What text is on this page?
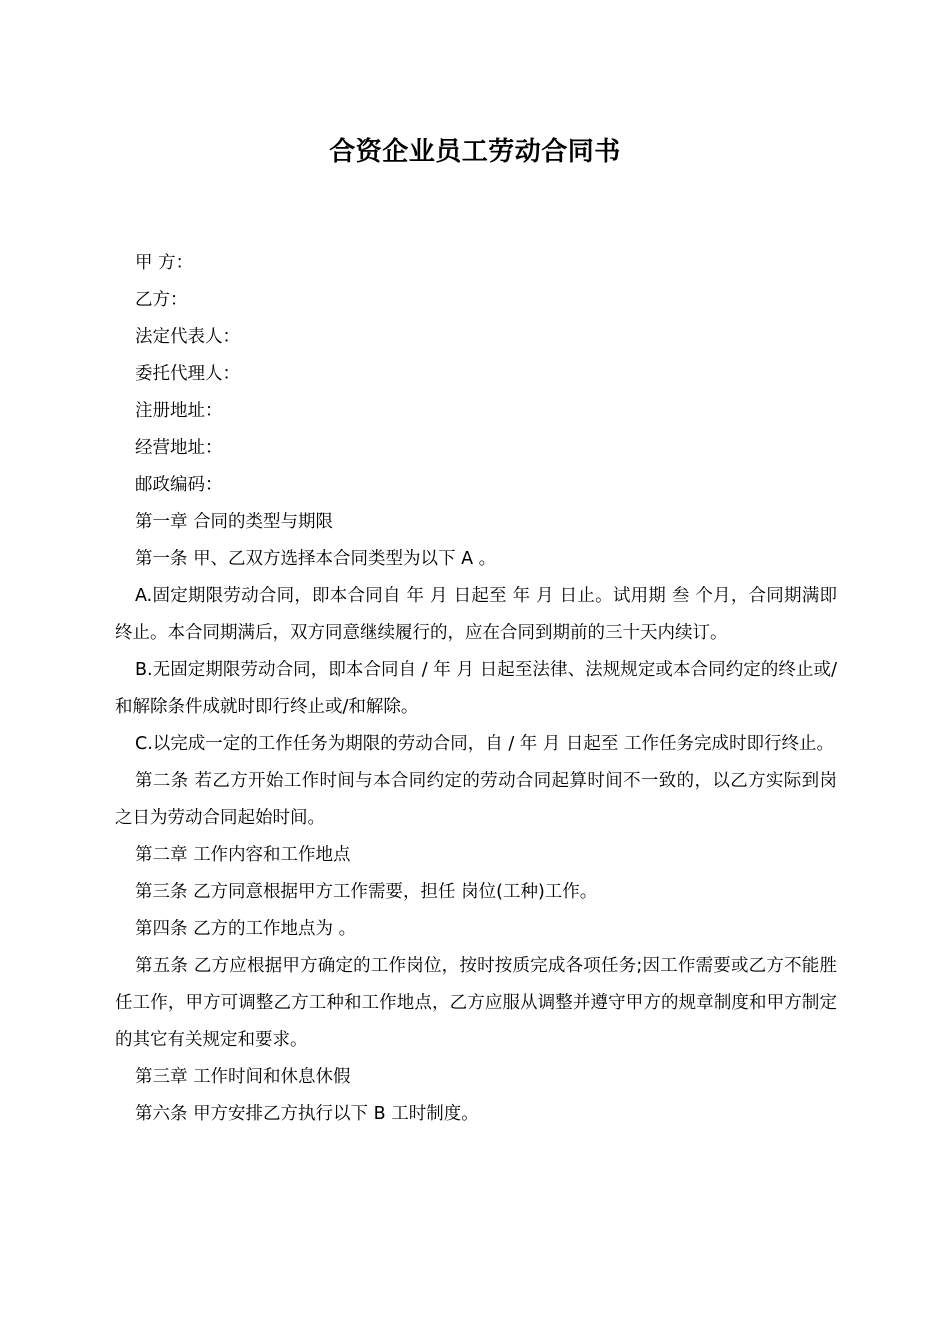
合资企业员工劳动合同书

甲 方：

乙方：

法定代表人：

委托代理人：

注册地址：

经营地址：

邮政编码：

第一章 合同的类型与期限

第一条 甲、乙双方选择本合同类型为以下 A 。

A.固定期限劳动合同，即本合同自 年 月 日起至 年 月 日止。试用期 叁 个月，合同期满即终止。本合同期满后，双方同意继续履行的，应在合同到期前的三十天内续订。

B.无固定期限劳动合同，即本合同自 / 年 月 日起至法律、法规规定或本合同约定的终止或/和解除条件成就时即行终止或/和解除。

C.以完成一定的工作任务为期限的劳动合同，自 / 年 月 日起至 工作任务完成时即行终止。

第二条 若乙方开始工作时间与本合同约定的劳动合同起算时间不一致的，以乙方实际到岗之日为劳动合同起始时间。

第二章 工作内容和工作地点

第三条 乙方同意根据甲方工作需要，担任 岗位(工种)工作。

第四条 乙方的工作地点为 。

第五条 乙方应根据甲方确定的工作岗位，按时按质完成各项任务;因工作需要或乙方不能胜任工作，甲方可调整乙方工种和工作地点，乙方应服从调整并遵守甲方的规章制度和甲方制定的其它有关规定和要求。

第三章 工作时间和休息休假

第六条 甲方安排乙方执行以下 B 工时制度。
